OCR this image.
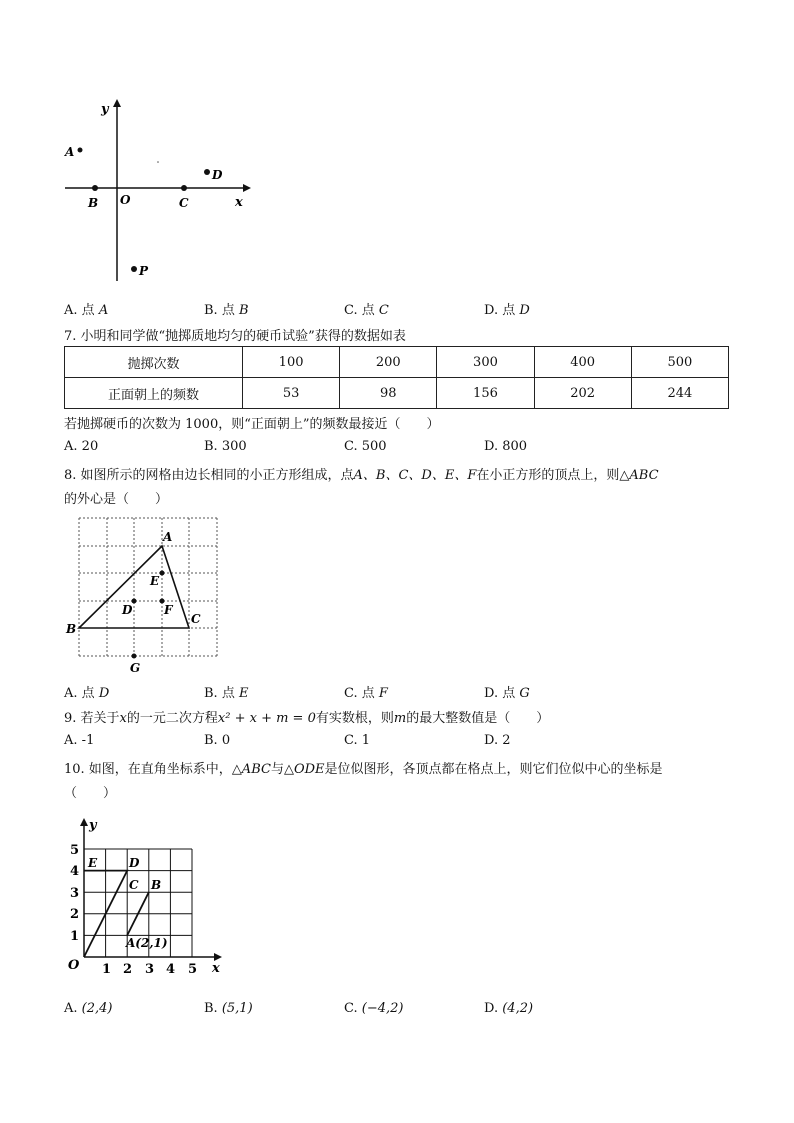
y
x
O
A
B	C
D
P
A. 点 A	B. 点 B	C. 点 C	D. 点 D
7. 小明和同学做“抛掷质地均匀的硬币试验”获得的数据如表
抛掷次数	100	200	300	400	500
正面朝上的频数	53	98	156	202	244
若抛掷硬币的次数为 1000，则“正面朝上”的频数最接近（　　）
A. 20	B. 300	C. 500	D. 800
8. 如图所示的网格由边长相同的小正方形组成，点A、B、C、D、E、F在小正方形的顶点上，则△ABC
的外心是（　　）
A
B
C
D
E
F
G
A. 点 D	B. 点 E	C. 点 F	D. 点 G
9. 若关于x的一元二次方程x² + x + m = 0有实数根，则m的最大整数值是（　　）
A. -1	B. 0	C. 1	D. 2
10. 如图，在直角坐标系中，△ABC与△ODE是位似图形，各顶点都在格点上，则它们位似中心的坐标是
（　　）
y
x
O
1
2
3
4
5
1 2 3 4 5
E	D
C B
A(2,1)
A. (2,4)	B. (5,1)	C. (−4,2)	D. (4,2)
